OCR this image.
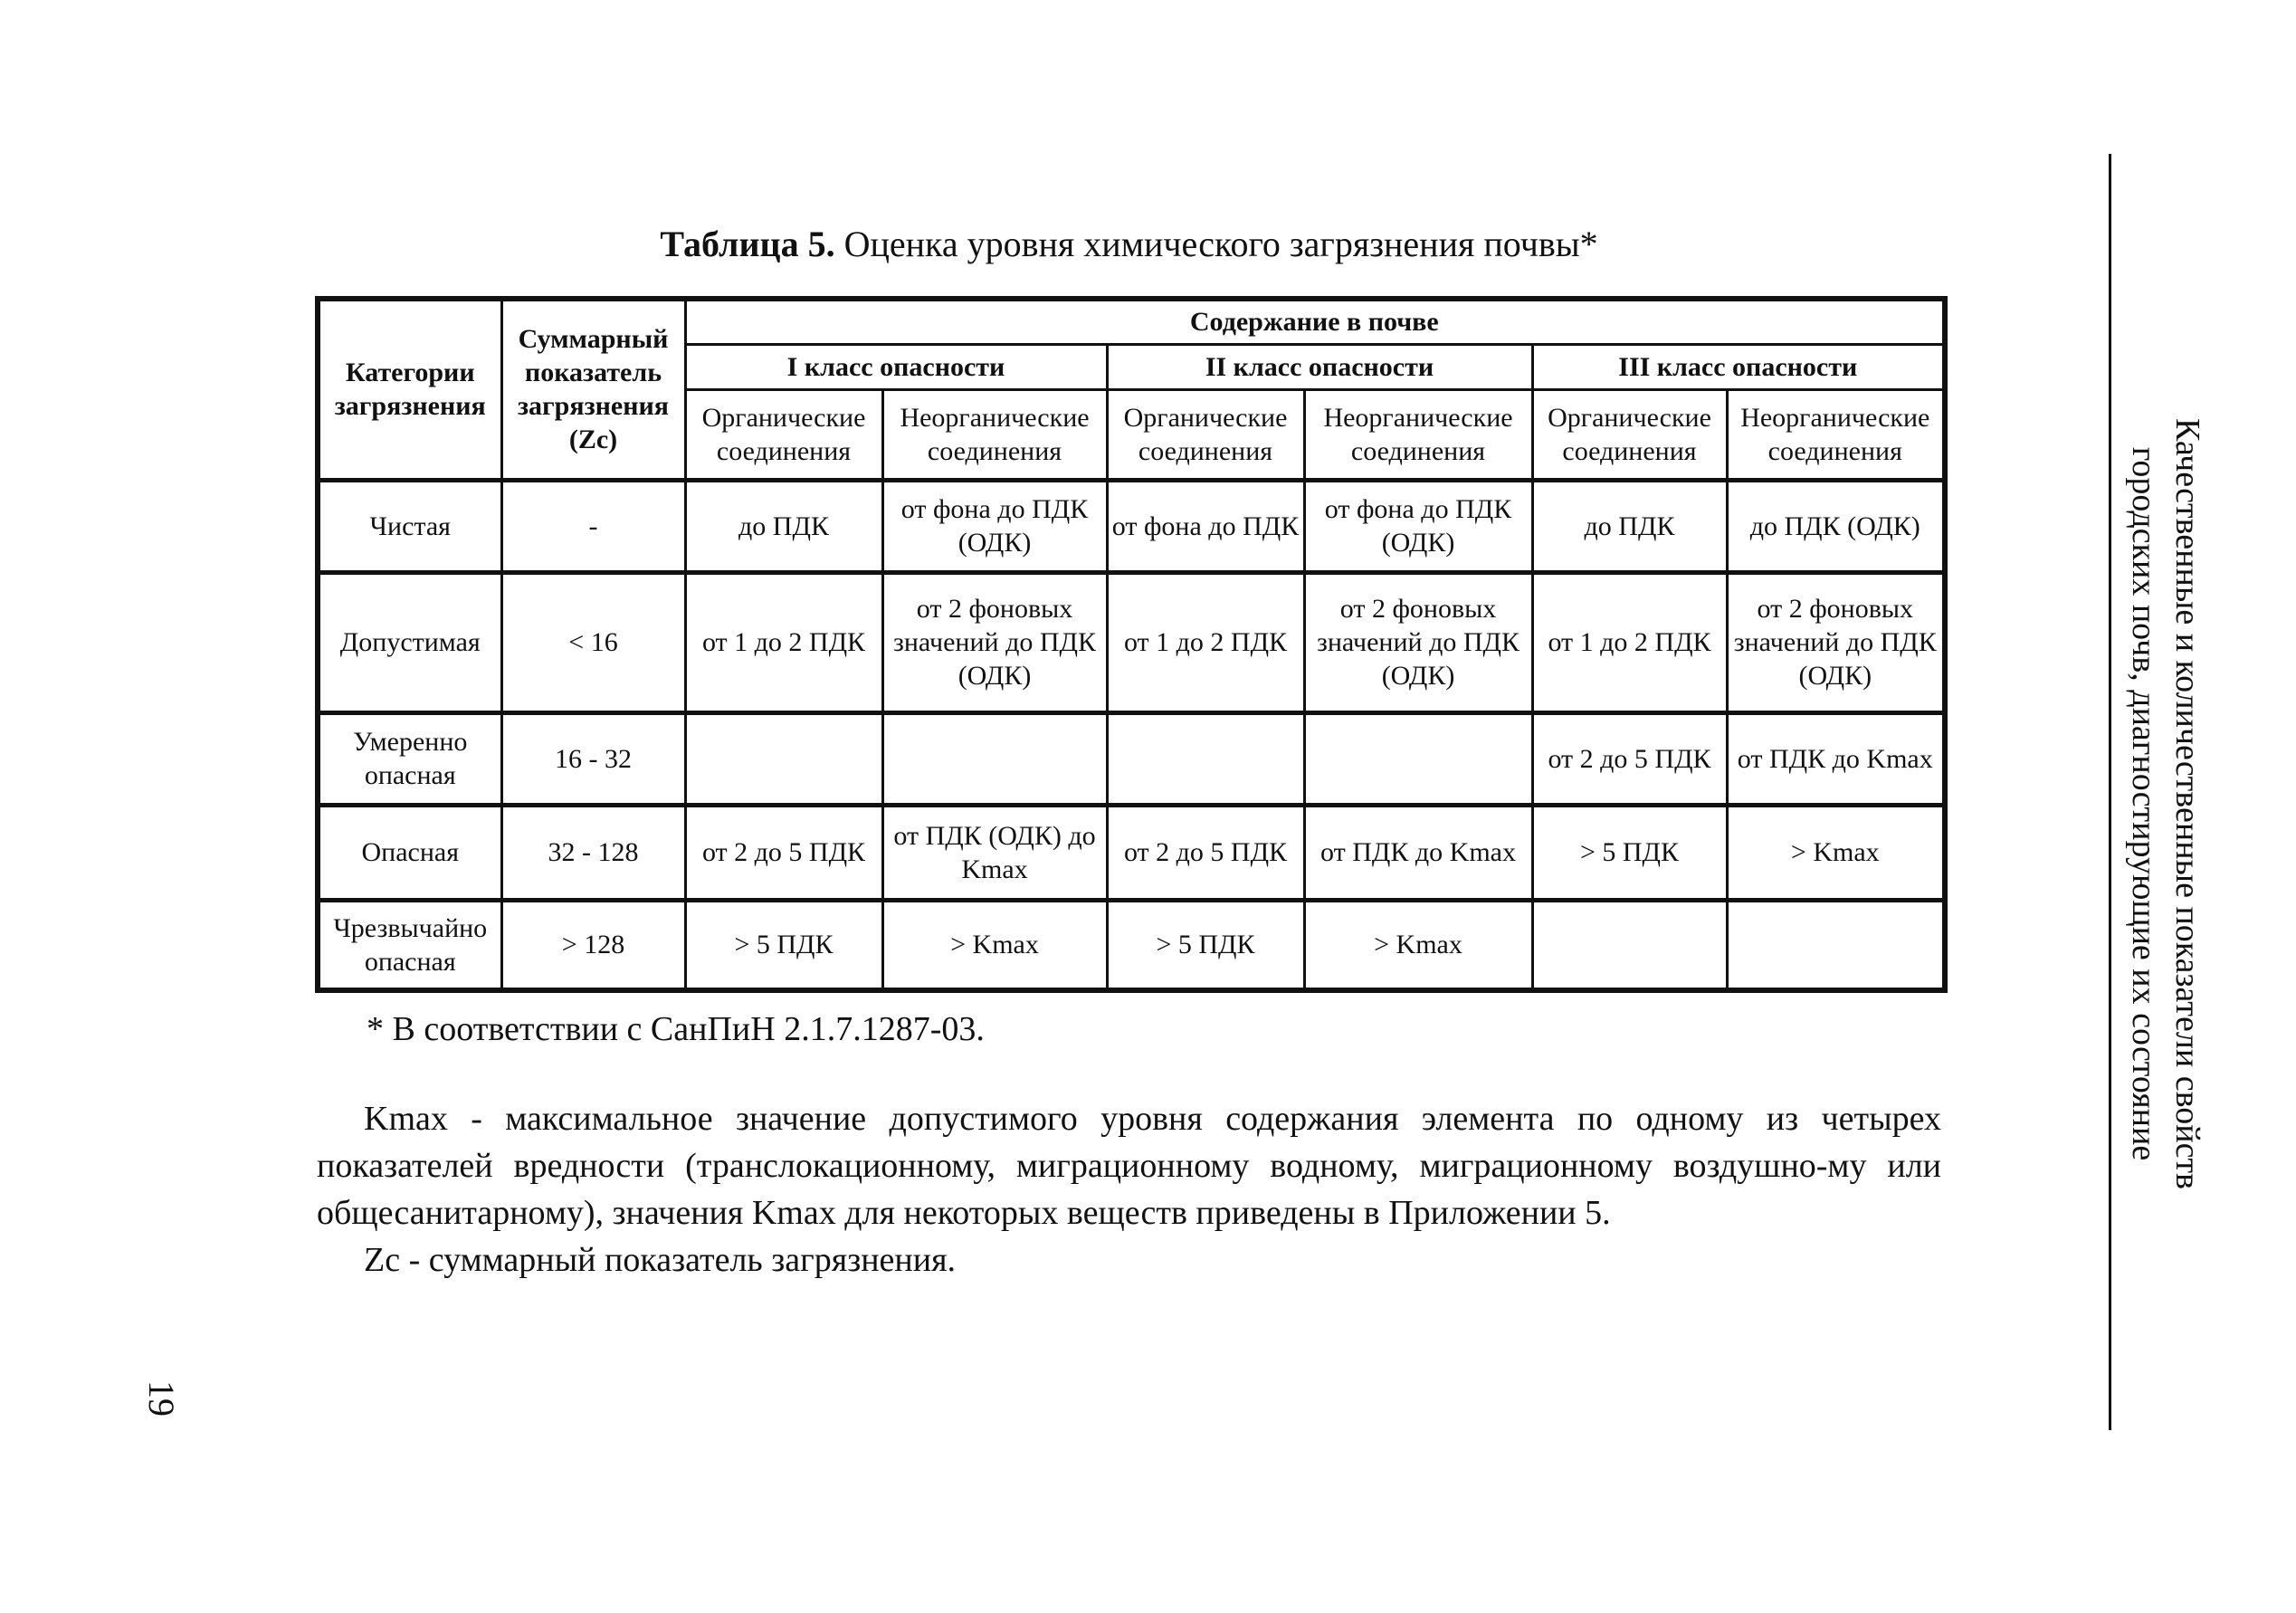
Таблица 5. Оценка уровня химического загрязнения почвы*
Категории загрязнения	Суммарный показатель загрязнения (Zc)	Содержание в почве					
		I класс опасности		II класс опасности		III класс опасности	
		Органические соединения	Неорганические соединения	Органические соединения	Неорганические соединения	Органические соединения	Неорганические соединения
Чистая	-	до ПДК	от фона до ПДК (ОДК)	от фона до ПДК	от фона до ПДК (ОДК)	до ПДК	до ПДК (ОДК)
Допустимая	< 16	от 1 до 2 ПДК	от 2 фоновых значений до ПДК (ОДК)	от 1 до 2 ПДК	от 2 фоновых значений до ПДК (ОДК)	от 1 до 2 ПДК	от 2 фоновых значений до ПДК (ОДК)
Умеренно опасная	16 - 32					от 2 до 5 ПДК	от ПДК до Kmax
Опасная	32 - 128	от 2 до 5 ПДК	от ПДК (ОДК) до Kmax	от 2 до 5 ПДК	от ПДК до Kmax	> 5 ПДК	> Kmax
Чрезвычайно опасная	> 128	> 5 ПДК	> Kmax	> 5 ПДК	> Kmax		
* В соответствии с СанПиН 2.1.7.1287-03.

Kmax - максимальное значение допустимого уровня содержания элемента по одному из четырех показателей вредности (транслокационному, миграционному водному, миграционному воздушно-му или общесанитарному), значения Kmax для некоторых веществ приведены в Приложении 5.

Zc - суммарный показатель загрязнения.

19
Качественные и количественные показатели свойств
городских почв, диагностирующие их состояние
